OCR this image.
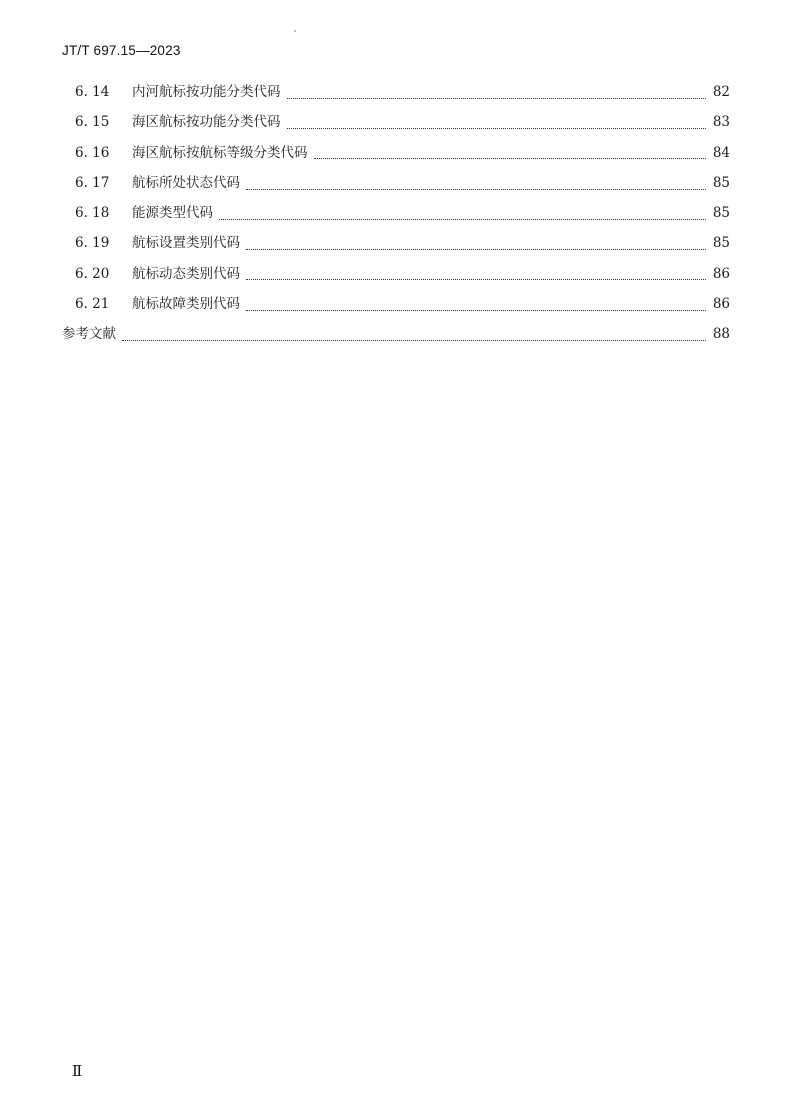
JT/T 697.15—2023
6. 14	内河航标按功能分类代码	82
6. 15	海区航标按功能分类代码	83
6. 16	海区航标按航标等级分类代码	84
6. 17	航标所处状态代码	85
6. 18	能源类型代码	85
6. 19	航标设置类别代码	85
6. 20	航标动态类别代码	86
6. 21	航标故障类别代码	86
参考文献	88
Ⅱ
